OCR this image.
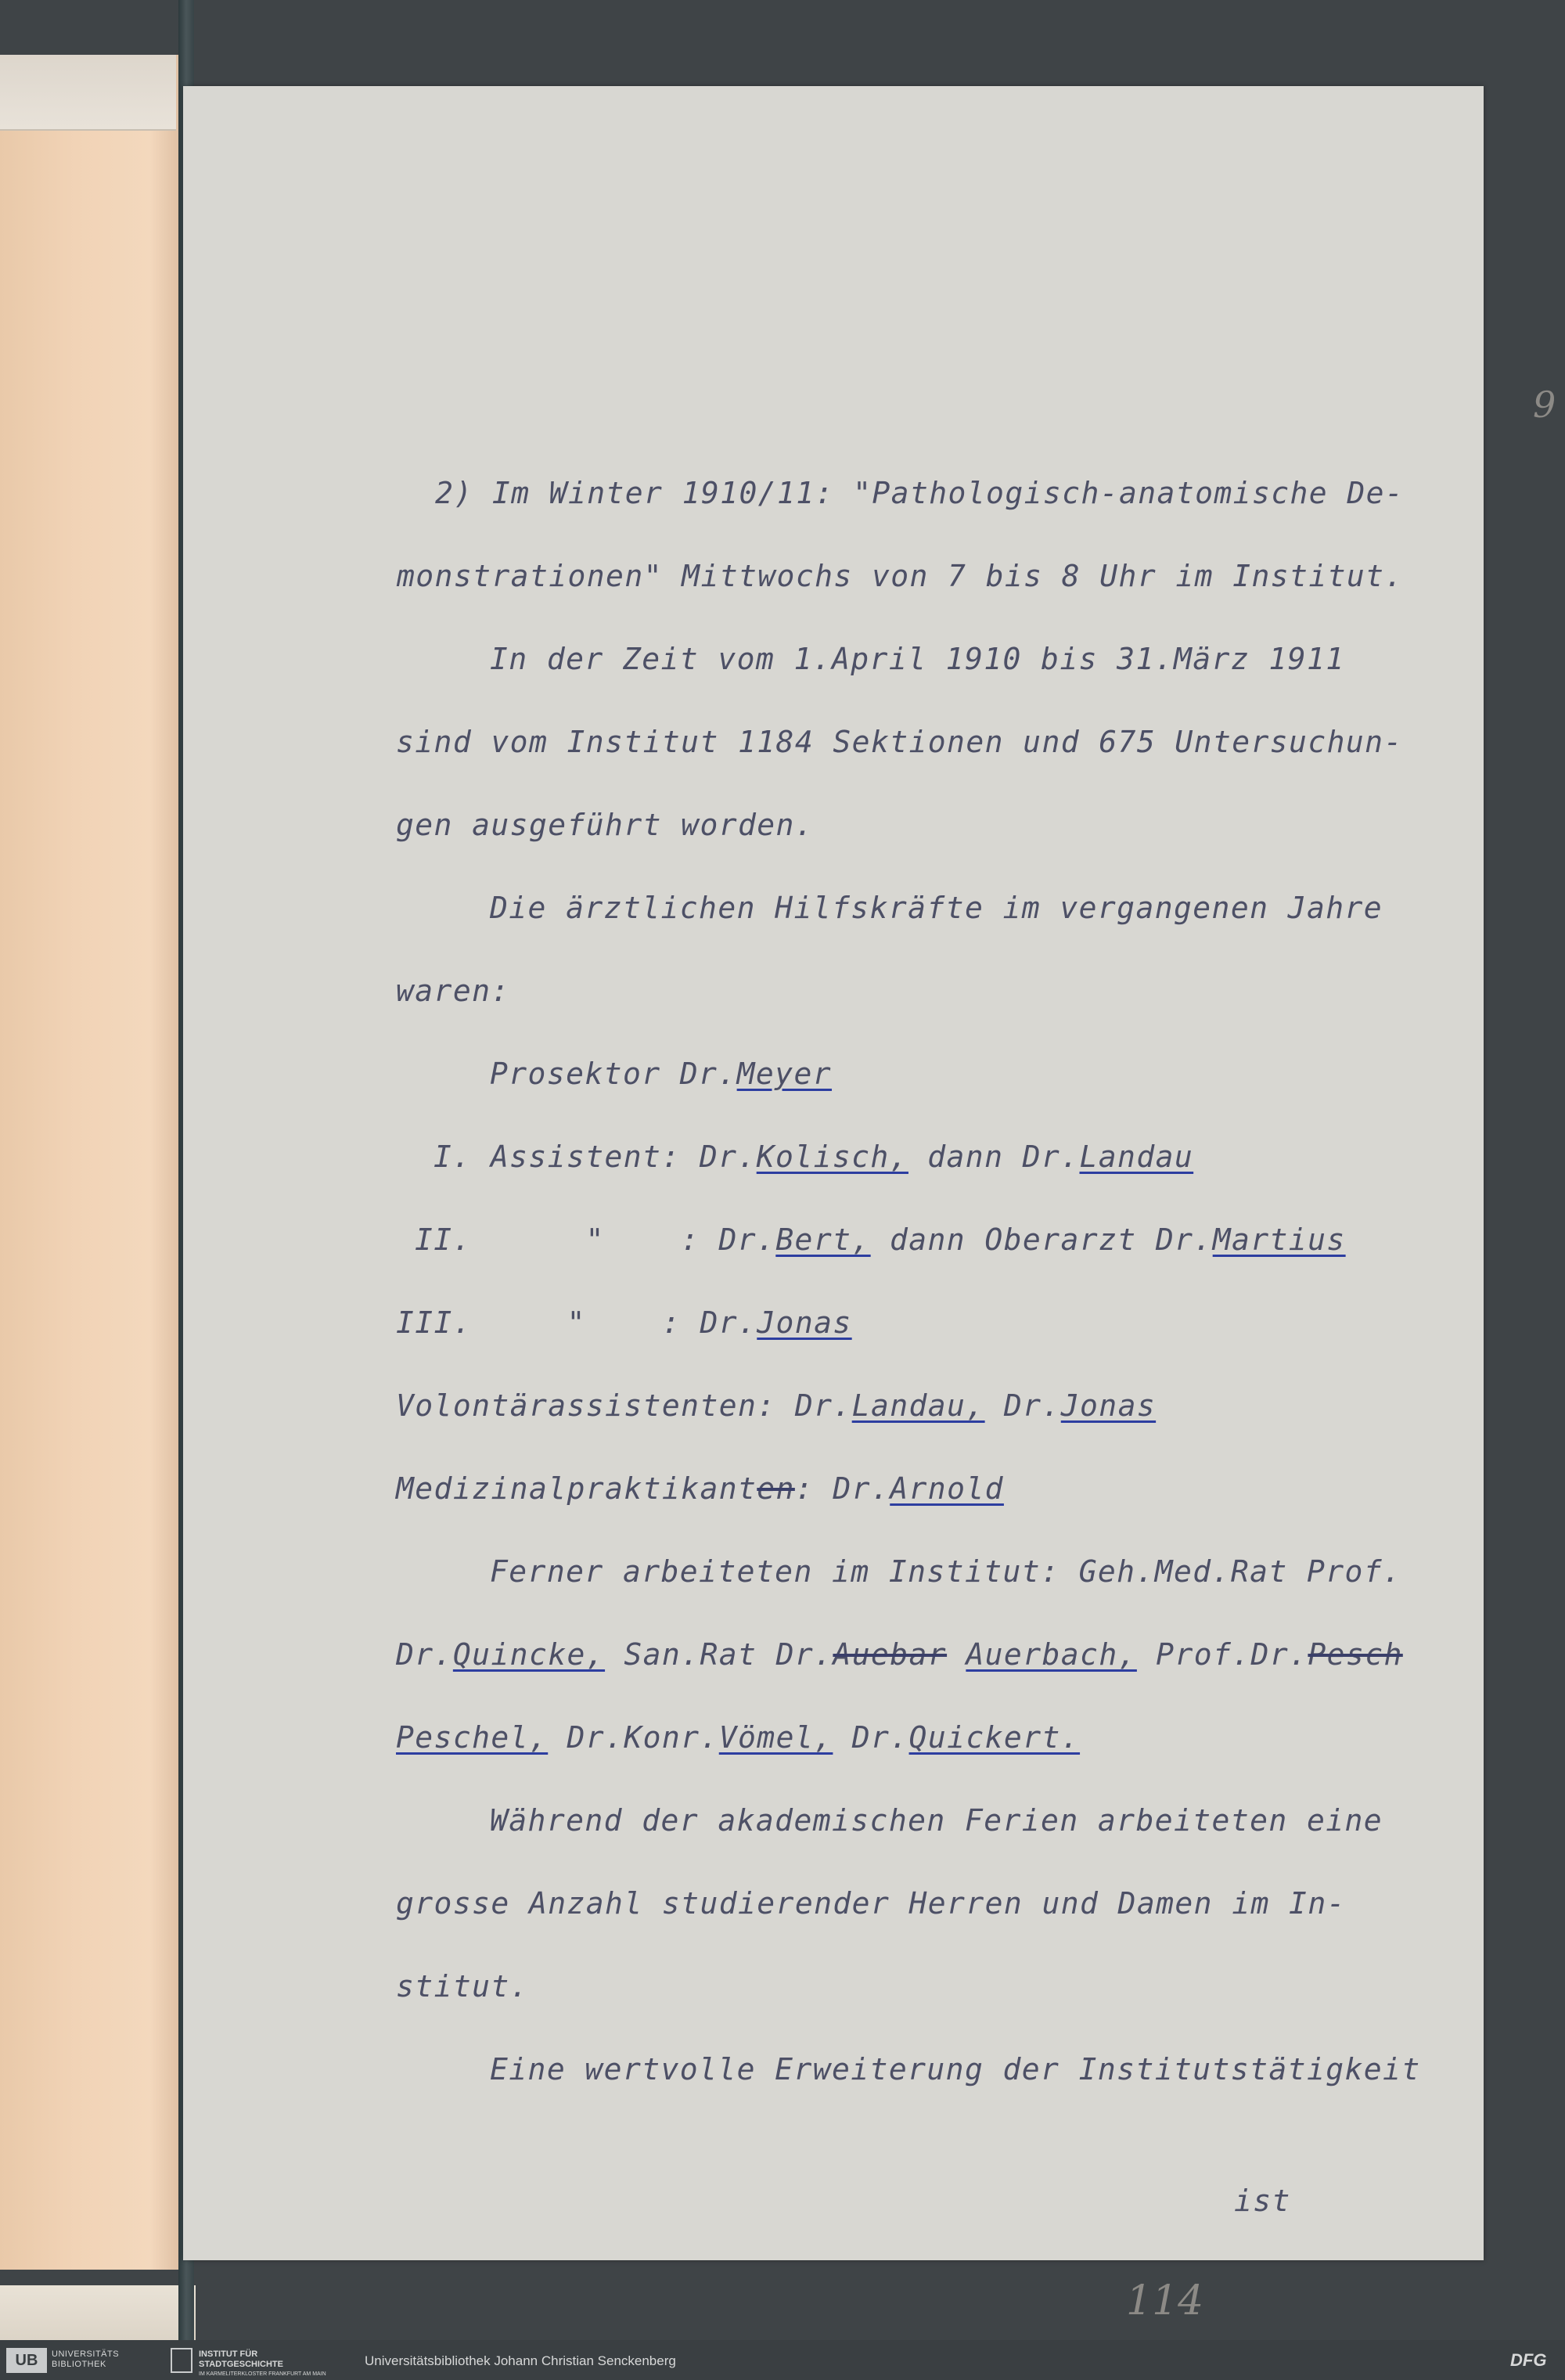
9

2) Im Winter 1910/11: "Pathologisch-anatomische De-

monstrationen" Mittwochs von 7 bis 8 Uhr im Institut.

In der Zeit vom 1.April 1910 bis 31.März 1911

sind vom Institut 1184 Sektionen und 675 Untersuchun-

gen ausgeführt worden.

Die ärztlichen Hilfskräfte im vergangenen Jahre

waren:

Prosektor Dr.Meyer

I. Assistent: Dr.Kolisch, dann Dr.Landau

II.      "    : Dr.Bert, dann Oberarzt Dr.Martius

III.     "    : Dr.Jonas

Volontärassistenten: Dr.Landau, Dr.Jonas

Medizinalpraktikanten: Dr.Arnold

Ferner arbeiteten im Institut: Geh.Med.Rat Prof.

Dr.Quincke, San.Rat Dr.Auebar Auerbach, Prof.Dr.Pesch

Peschel, Dr.Konr.Vömel, Dr.Quickert.

Während der akademischen Ferien arbeiteten eine

grosse Anzahl studierender Herren und Damen im In-

stitut.

Eine wertvolle Erweiterung der Institutstätigkeit

ist

114
UB	UNIVERSITÄTS
BIBLIOTHEK
INSTITUT FÜR
STADTGESCHICHTE
IM KARMELITERKLOSTER FRANKFURT AM MAIN
Universitätsbibliothek Johann Christian Senckenberg	DFG
